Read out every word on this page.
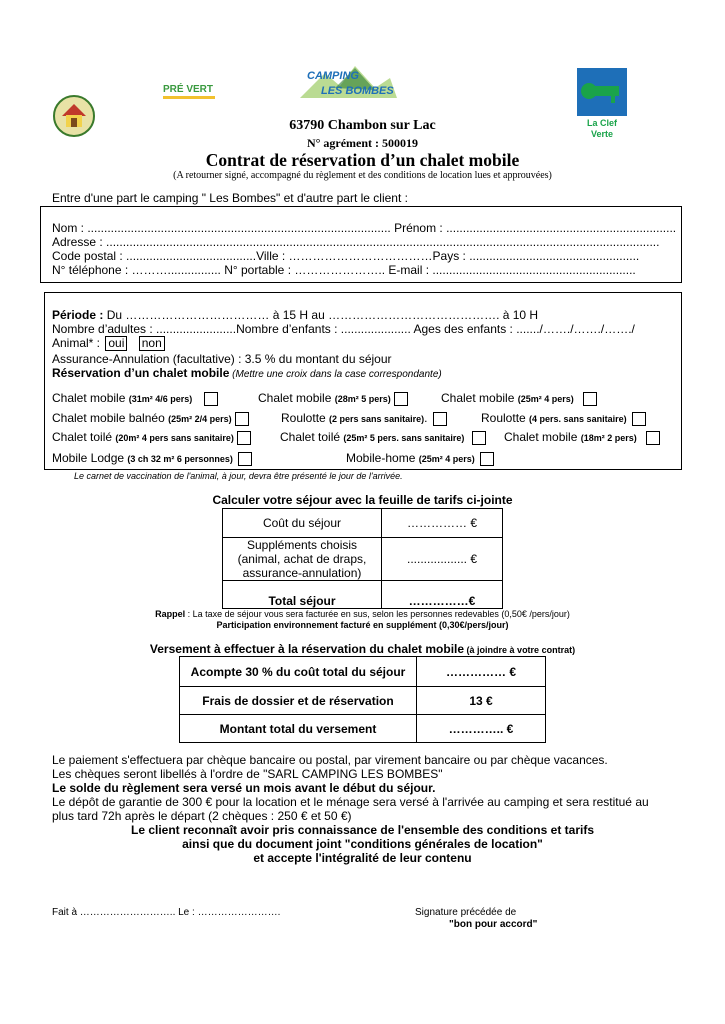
PRÉ VERT
CAMPING
LES BOMBES
La Clef
Verte
63790 Chambon sur Lac
N° agrément : 500019
Contrat de réservation d’un chalet mobile
(A retourner signé, accompagné du règlement et des conditions de location lues et approuvées)
Entre d'une part le camping " Les Bombes" et d'autre part le client :
Nom : ........................................................................................... Prénom : .....................................................................
Adresse : ......................................................................................................................................................................
Code postal : .......................................Ville : ………………………………Pays : ...................................................
N° téléphone : ………................ N° portable : ………………….. E-mail : .............................................................
Période : Du ……………………………… à 15 H au ……………………………………. à 10 H
Nombre d’adultes : ........................Nombre d’enfants : ..................... Ages des enfants : ......./……./……./……./
Animal* : oui non
Assurance-Annulation (facultative) : 3.5 % du montant du séjour
Réservation d’un chalet mobile (Mettre une croix dans la case correspondante)
Chalet mobile (31m² 4/6 pers)	Chalet mobile (28m² 5 pers)	Chalet mobile (25m² 4 pers)
Chalet mobile balnéo (25m² 2/4 pers)	Roulotte (2 pers sans sanitaire).	Roulotte (4 pers. sans sanitaire)
Chalet toilé (20m² 4 pers sans sanitaire)	Chalet toilé (25m² 5 pers. sans sanitaire)	Chalet mobile (18m² 2 pers)
Mobile Lodge (3 ch 32 m² 6 personnes)	Mobile-home (25m² 4 pers)
Le carnet de vaccination de l'animal, à jour, devra être présenté le jour de l'arrivée.
Calculer votre séjour avec la feuille de tarifs ci-jointe
Coût du séjour	…………… €
Suppléments choisis (animal, achat de draps, assurance-annulation)	.................. €
Total séjour	……………€
Rappel : La taxe de séjour vous sera facturée en sus, selon les personnes redevables (0,50€ /pers/jour)
Participation environnement facturé en supplément (0,30€/pers/jour)
Versement à effectuer à la réservation du chalet mobile (à joindre à votre contrat)
Acompte 30 % du coût total du séjour	…………… €
Frais de dossier et de réservation	13 €
Montant total du versement	………….. €
Le paiement s'effectuera par chèque bancaire ou postal, par virement bancaire ou par chèque vacances.
Les chèques seront libellés à l'ordre de "SARL CAMPING LES BOMBES"
Le solde du règlement sera versé un mois avant le début du séjour.
Le dépôt de garantie de 300 € pour la location et le ménage sera versé à l'arrivée au camping et sera restitué au
plus tard 72h après le départ (2 chèques : 250 € et 50 €)
Le client reconnaît avoir pris connaissance de l'ensemble des conditions et tarifs
ainsi que du document joint "conditions générales de location"
et accepte l'intégralité de leur contenu
Fait à ……………………….. Le : …………………….	Signature précédée de
"bon pour accord"
